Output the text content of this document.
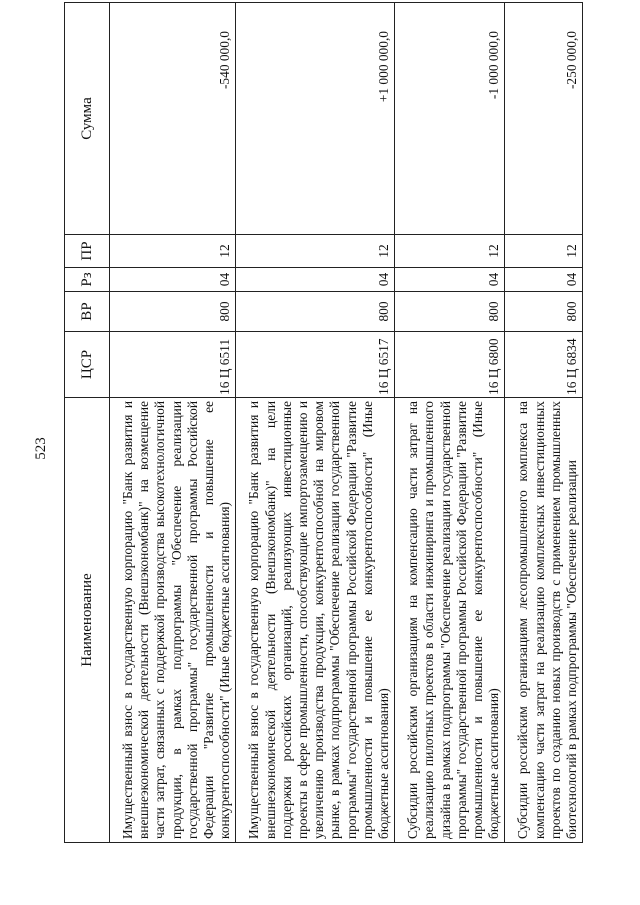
523
Наименование	ЦСР	ВР	Рз	ПР	Сумма
Имущественный взнос в государственную корпорацию "Банк развития и внешнеэкономической деятельности (Внешэкономбанк)" на возмещение части затрат, связанных с поддержкой производства высокотехнологичной продукции, в рамках подпрограммы "Обеспечение реализации государственной программы" государственной программы Российской Федерации "Развитие промышленности и повышение ее конкурентоспособности" (Иные бюджетные ассигнования)	16 Ц 6511	800	04	12	-540 000,0
Имущественный взнос в государственную корпорацию "Банк развития и внешнеэкономической деятельности (Внешэкономбанк)" на цели поддержки российских организаций, реализующих инвестиционные проекты в сфере промышленности, способствующие импортозамещению и увеличению производства продукции, конкурентоспособной на мировом рынке, в рамках подпрограммы "Обеспечение реализации государственной программы" государственной программы Российской Федерации "Развитие промышленности и повышение ее конкурентоспособности" (Иные бюджетные ассигнования)	16 Ц 6517	800	04	12	+1 000 000,0
Субсидии российским организациям на компенсацию части затрат на реализацию пилотных проектов в области инжиниринга и промышленного дизайна в рамках подпрограммы "Обеспечение реализации государственной программы" государственной программы Российской Федерации "Развитие промышленности и повышение ее конкурентоспособности" (Иные бюджетные ассигнования)	16 Ц 6800	800	04	12	-1 000 000,0
Субсидии российским организациям лесопромышленного комплекса на компенсацию части затрат на реализацию комплексных инвестиционных проектов по созданию новых производств с применением промышленных биотехнологий в рамках подпрограммы "Обеспечение реализации	16 Ц 6834	800	04	12	-250 000,0
